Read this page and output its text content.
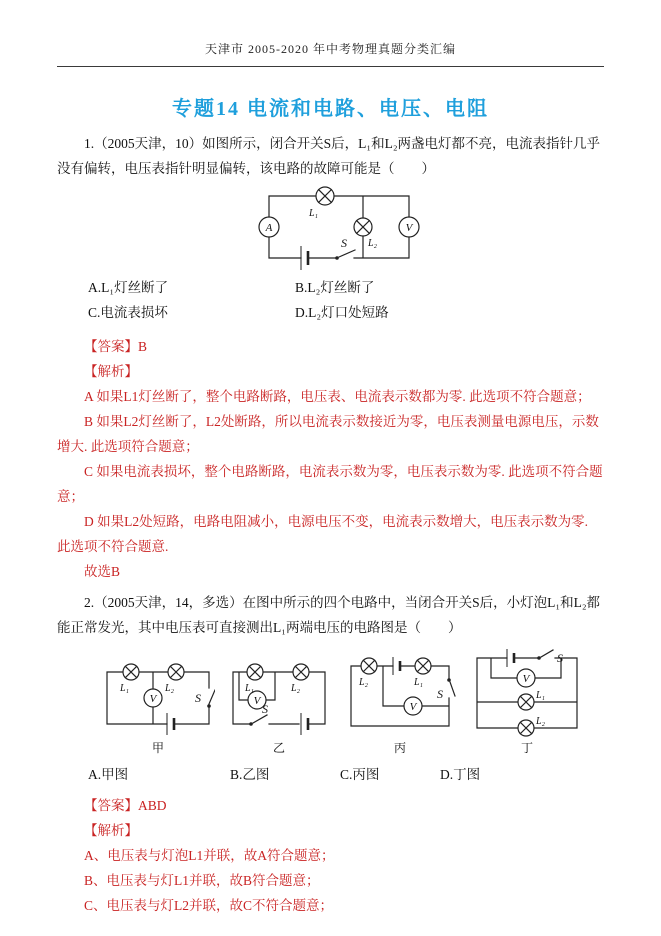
天津市 2005-2020 年中考物理真题分类汇编
专题14 电流和电路、电压、电阻

1.（2005天津，10）如图所示，闭合开关S后，L₁和L₂两盏电灯都不亮，电流表指针几乎没有偏转，电压表指针明显偏转，该电路的故障可能是（　　）

A	V
L₁
L₂
S
A.L₁灯丝断了	B.L₂灯丝断了
C.电流表损坏	D.L₂灯口处短路

【答案】B

【解析】

A 如果L1灯丝断了，整个电路断路，电压表、电流表示数都为零. 此选项不符合题意；

B 如果L2灯丝断了，L2处断路，所以电流表示数接近为零，电压表测量电源电压，示数增大. 此选项符合题意；

C 如果电流表损坏，整个电路断路，电流表示数为零，电压表示数为零. 此选项不符合题意；

D 如果L2处短路，电路电阻减小，电源电压不变，电流表示数增大，电压表示数为零. 此选项不符合题意.

故选B

2.（2005天津，14，多选）在图中所示的四个电路中，当闭合开关S后，小灯泡L₁和L₂都能正常发光，其中电压表可直接测出L₁两端电压的电路图是（　　）

V
L₁	L₂
S
甲
V
L₁	L₂
S
乙
V
L₂	L₁
S
丙
V
S
L₁
L₂
丁
A.甲图	B.乙图	C.丙图	D.丁图

【答案】ABD

【解析】

A、电压表与灯泡L1并联，故A符合题意；

B、电压表与灯L1并联，故B符合题意；

C、电压表与灯L2并联，故C不符合题意；
